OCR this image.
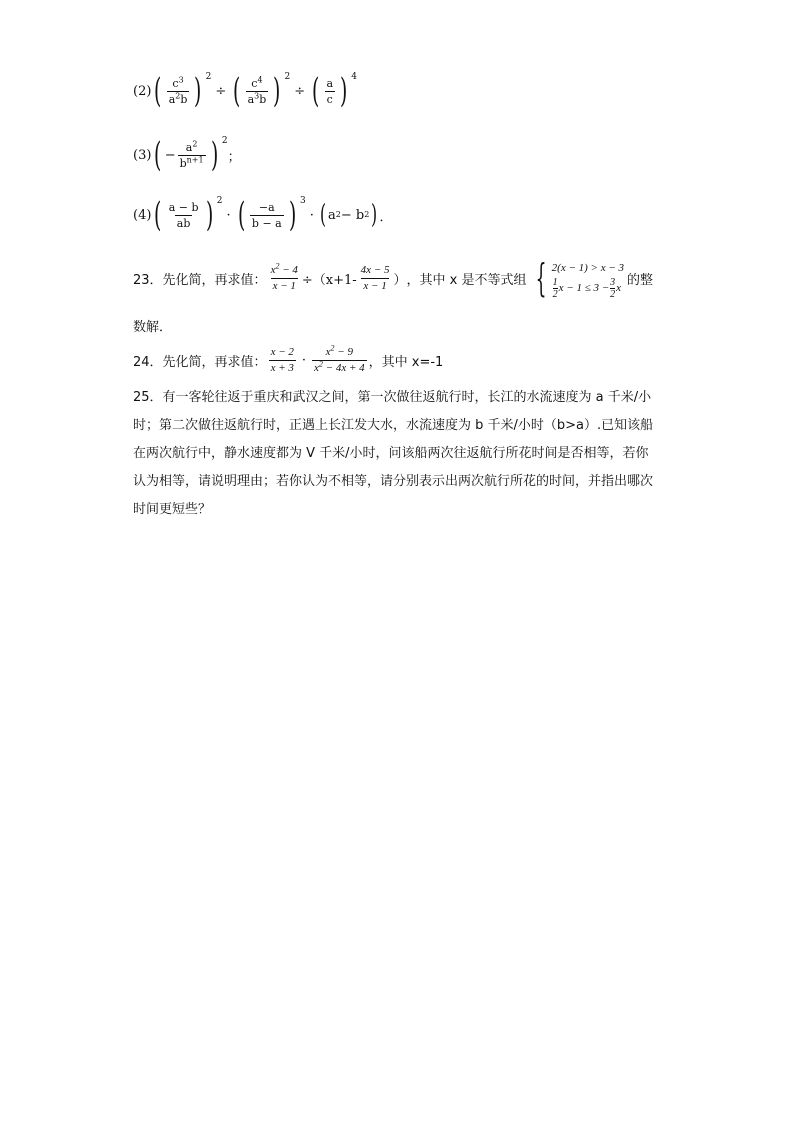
(2) ( $\frac{c^3}{a^2b}$ ) 2
÷ ( $\frac{c^4}{a^3b}$ ) 2
÷ ( $\frac{a}{c}$ ) 4
(3) ( − $\frac{a^2}{b^{n+1}}$ ) 2
；
(4) ( $\frac{a - b}{ab}$ ) 2
· ( $\frac{-a}{b - a}$ ) 3
· ( a 2 − b 2 ) ．
23． 先化简，再求值： $\frac{x^2 - 4}{x - 1} \div(x+1- \frac{4x - 5}{x - 1}$ ） ，其中 x 是不等式组 { 2(x − 1) > x − 3
1
2 x − 1 ≤ 3 − 3
2 x
的整
数解．
24． 先化简，再求值： $\frac{x - 2}{x + 3} \cdot \frac{x^2 - 9}{x^2 - 4x + 4}$ ，其中 x=-1
25．有一客轮往返于重庆和武汉之间，第一次做往返航行时，长江的水流速度为 a 千米/小时；第二次做往返航行时，正遇上长江发大水，水流速度为 b 千米/小时（b>a）.已知该船在两次航行中，静水速度都为 V 千米/小时，问该船两次往返航行所花时间是否相等，若你认为相等，请说明理由；若你认为不相等，请分别表示出两次航行所花的时间，并指出哪次时间更短些？
